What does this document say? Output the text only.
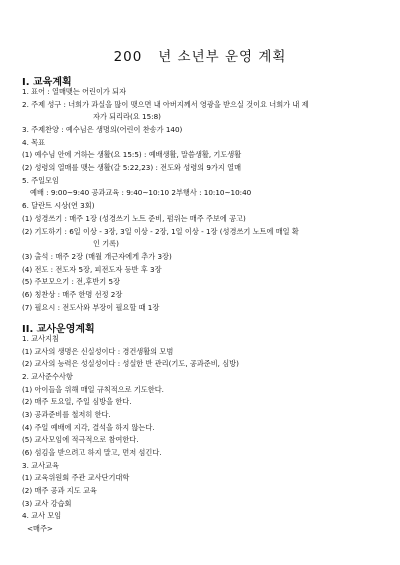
200   년 소년부 운영 계획
I. 교육계획
1. 표어 : 열매맺는 어린이가 되자
2. 주제 성구 : 너희가 과실을 많이 맺으면 내 아버지께서 영광을 받으실 것이요 너희가 내 제
자가 되리라(요 15:8)
3. 주제찬양 : 예수님은 생명의(어린이 찬송가 140)
4. 목표
(1) 예수님 안에 거하는 생활(요 15:5) : 예배생활, 말씀생활, 기도생활
(2) 성령의 열매를 맺는 생활(갈 5:22,23) : 전도와 성령의 9가지 열매
5. 주일모임
예배 : 9:00~9:40 공과교육 : 9:40~10:10 2부행사 : 10:10~10:40
6. 달란트 시상(연 3회)
(1) 성경쓰기 : 매주 1장 (성경쓰기 노트 준비, 펌위는 매주 주보에 공고)
(2) 기도하기 : 6일 이상 - 3장, 3일 이상 - 2장, 1일 이상 - 1장 (성경쓰기 노트에 매일 확
인 기록)
(3) 출석 : 매주 2장 (매월 개근자에게 추가 3장)
(4) 전도 : 전도자 5장, 피전도자 등반 후 3장
(5) 주보모으기 : 전,후반기 5장
(6) 칭찬상 : 매주 한명 선정 2장
(7) 필요시 : 전도사와 부장이 필요할 때 1장
II. 교사운영계획
1. 교사지침
(1) 교사의 생명은 신실성이다 : 경건생활의 모범
(2) 교사의 능력은 성실성이다 : 성실한 반 관리(기도, 공과준비, 심방)
2. 교사준수사항
(1) 아이들을 위해 매일 규칙적으로 기도한다.
(2) 매주 토요일, 주일 심방을 한다.
(3) 공과준비를 철저히 한다.
(4) 주일 예배에 지각, 결석을 하지 않는다.
(5) 교사모임에 적극적으로 참여한다.
(6) 섬김을 받으려고 하지 말고, 먼저 섬긴다.
3. 교사교육
(1) 교육위원회 주관 교사단기대학
(2) 매주 공과 지도 교육
(3) 교사 강습회
4. 교사 모임
<매주>
